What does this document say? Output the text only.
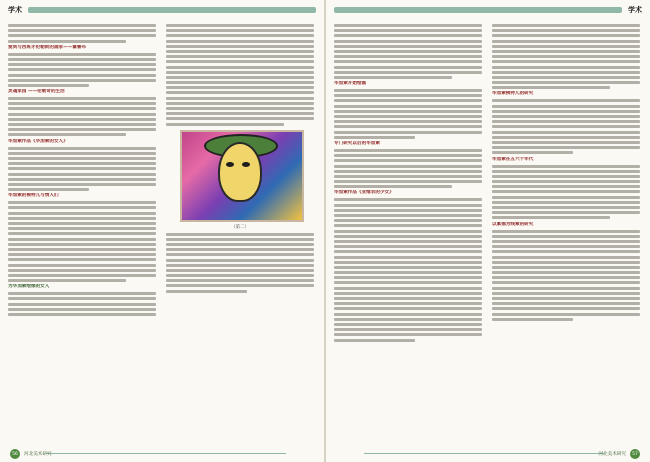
学术
爱剑与西班牙伦勒斯的画家——霍鲁布
灵魂家园 ——伦勒奇的生活
毕加索作品《毕加索的女人》
毕加索的模特儿与情人们
为毕加索绘像的女人
（第二）
56	河北美术研究
学术
毕加索开始绘画
专门研究以后的毕加索
毕加索作品《亚维农的少女》
毕加索模特儿的研究
毕加索在五六十年代
以素描为线索的研究
57
河北美术研究
